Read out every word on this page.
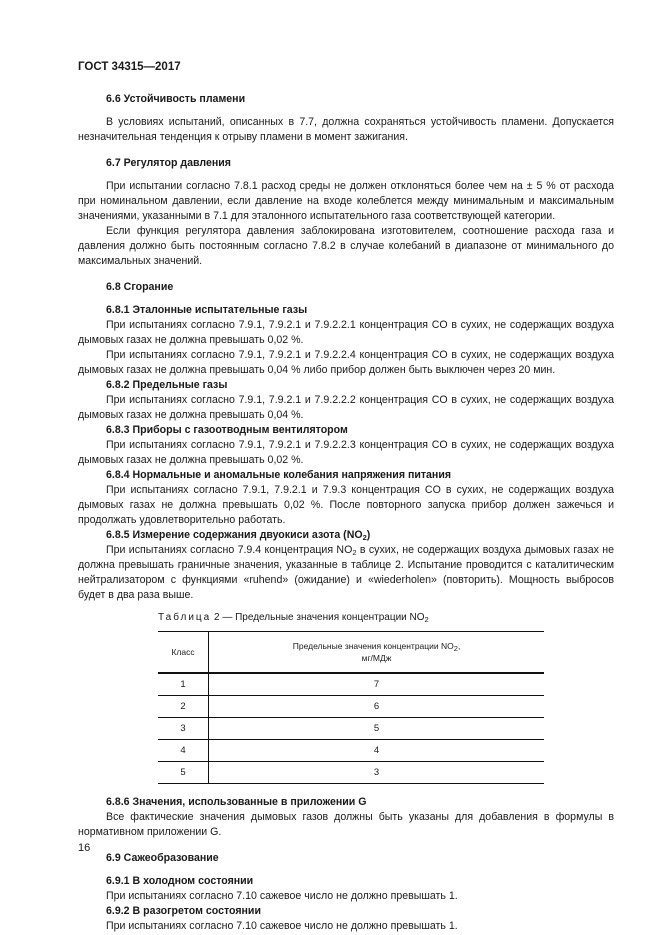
ГОСТ 34315—2017

6.6 Устойчивость пламени

В условиях испытаний, описанных в 7.7, должна сохраняться устойчивость пламени. Допускается незначительная тенденция к отрыву пламени в момент зажигания.

6.7 Регулятор давления

При испытании согласно 7.8.1 расход среды не должен отклоняться более чем на ± 5 % от расхода при номинальном давлении, если давление на входе колеблется между минимальным и максимальным значениями, указанными в 7.1 для эталонного испытательного газа соответствующей категории.

Если функция регулятора давления заблокирована изготовителем, соотношение расхода газа и давления должно быть постоянным согласно 7.8.2 в случае колебаний в диапазоне от минимального до максимальных значений.

6.8 Сгорание

6.8.1 Эталонные испытательные газы

При испытаниях согласно 7.9.1, 7.9.2.1 и 7.9.2.2.1 концентрация CO в сухих, не содержащих воздуха дымовых газах не должна превышать 0,02 %.

При испытаниях согласно 7.9.1, 7.9.2.1 и 7.9.2.2.4 концентрация CO в сухих, не содержащих воздуха дымовых газах не должна превышать 0,04 % либо прибор должен быть выключен через 20 мин.

6.8.2 Предельные газы

При испытаниях согласно 7.9.1, 7.9.2.1 и 7.9.2.2.2 концентрация CO в сухих, не содержащих воздуха дымовых газах не должна превышать 0,04 %.

6.8.3 Приборы с газоотводным вентилятором

При испытаниях согласно 7.9.1, 7.9.2.1 и 7.9.2.2.3 концентрация CO в сухих, не содержащих воздуха дымовых газах не должна превышать 0,02 %.

6.8.4 Нормальные и аномальные колебания напряжения питания

При испытаниях согласно 7.9.1, 7.9.2.1 и 7.9.3 концентрация CO в сухих, не содержащих воздуха дымовых газах не должна превышать 0,02 %. После повторного запуска прибор должен зажечься и продолжать удовлетворительно работать.

6.8.5 Измерение содержания двуокиси азота $(NO_2)$

При испытаниях согласно 7.9.4 концентрация $NO_2$ в сухих, не содержащих воздуха дымовых газах не должна превышать граничные значения, указанные в таблице 2. Испытание проводится с каталитическим нейтрализатором с функциями «ruhend» (ожидание) и «wiederholen» (повторить). Мощность выбросов будет в два раза выше.

Таблица 2 — Предельные значения концентрации $NO_2$
Класс	Предельные значения концентрации $NO_2$,
мг/МДж
1	7
2	6
3	5
4	4
5	3

6.8.6 Значения, использованные в приложении G

Все фактические значения дымовых газов должны быть указаны для добавления в формулы в нормативном приложении G.

6.9 Сажеобразование

6.9.1 В холодном состоянии

При испытаниях согласно 7.10 сажевое число не должно превышать 1.

6.9.2 В разогретом состоянии

При испытаниях согласно 7.10 сажевое число не должно превышать 1.

16
